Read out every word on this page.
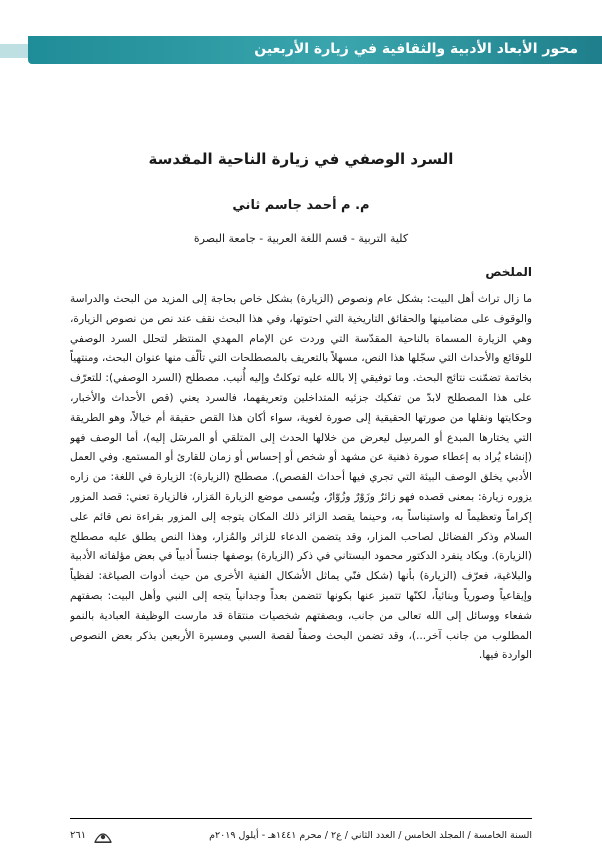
محور الأبعاد الأدبية والثقافية في زيارة الأربعين
السرد الوصفي في زيارة الناحية المقدسة
م. م أحمد جاسم ثاني
كلية التربية - قسم اللغة العربية - جامعة البصرة
الملخص
ما زال تراث أهل البيت: بشكل عام ونصوص (الزيارة) بشكل خاص بحاجة إلى المزيد من البحث والدراسة والوقوف على مضامينها والحقائق التاريخية التي احتوتها، وفي هذا البحث نقف عند نص من نصوص الزيارة، وهي الزيارة المسماة بالناحية المقدّسة التي وردت عن الإمام المهدي المنتظر لتحلل السرد الوصفي للوقائع والأحداث التي سجّلها هذا النص، مسهلاً بالتعريف بالمصطلحات التي تألّف منها عنوان البحث، ومنتهياً بخاتمة تضمّنت نتائج البحث. وما توفيقي إلا بالله عليه توكلتُ وإليه أُنيب. مصطلح (السرد الوصفي): للتعرّف على هذا المصطلح لابدّ من تفكيك جزئيه المتداخلين وتعريفهما، فالسرد يعني (قص الأحداث والأخبار، وحكايتها ونقلها من صورتها الحقيقية إلى صورة لغوية، سواء أكان هذا القص حقيقة أم خيالاً، وهو الطريقة التي يختارها المبدع أو المرسِل ليعرض من خلالها الحدث إلى المتلقي أو المرسَل إليه)، أما الوصف فهو (إنشاء يُراد به إعطاء صورة ذهنية عن مشهد أو شخص أو إحساس أو زمان للقارئ أو المستمع. وفي العمل الأدبي يخلق الوصف البيئة التي تجري فيها أحداث القصص). مصطلح (الزيارة): الزيارة في اللغة: من زاره يزوره زيارة: بمعنى قصده فهو زائرٌ وزَوْرٌ وزُوّارٌ، ويُسمى موضع الزيارة المَزار، فالزيارة تعني: قصد المزور إكراماً وتعظيماً له واستيناساً به، وحينما يقصد الزائر ذلك المكان يتوجه إلى المزور بقراءة نص قائم على السلام وذكر الفضائل لصاحب المزار، وقد يتضمن الدعاء للزائر والمُزار، وهذا النص يطلق عليه مصطلح (الزيارة). ويكاد ينفرد الدكتور محمود البستاني في ذكر (الزيارة) بوصفها جنساً أدبياً في بعض مؤلفاته الأدبية والبلاغية، فعرّف (الزيارة) بأنها (شكل فنّي يماثل الأشكال الفنية الأخرى من حيث أدوات الصياغة: لفظياً وإيقاعياً وصورياً وبنائياً، لكنّها تتميز عنها بكونها تتضمن بعداً وجدانياً يتجه إلى النبي وأهل البيت: بصفتهم شفعاء ووسائل إلى الله تعالى من جانب، وبصفتهم شخصيات منتقاة قد مارست الوظيفة العبادية بالنمو المطلوب من جانب آخر...)، وقد تضمن البحث وصفاً لقصة السبي ومسيرة الأربعين بذكر بعض النصوص الواردة فيها.
السنة الخامسة / المجلد الخامس / العدد الثاني / ع٢ / محرم ١٤٤١هـ - أيلول ٢٠١٩م
٢٦١
